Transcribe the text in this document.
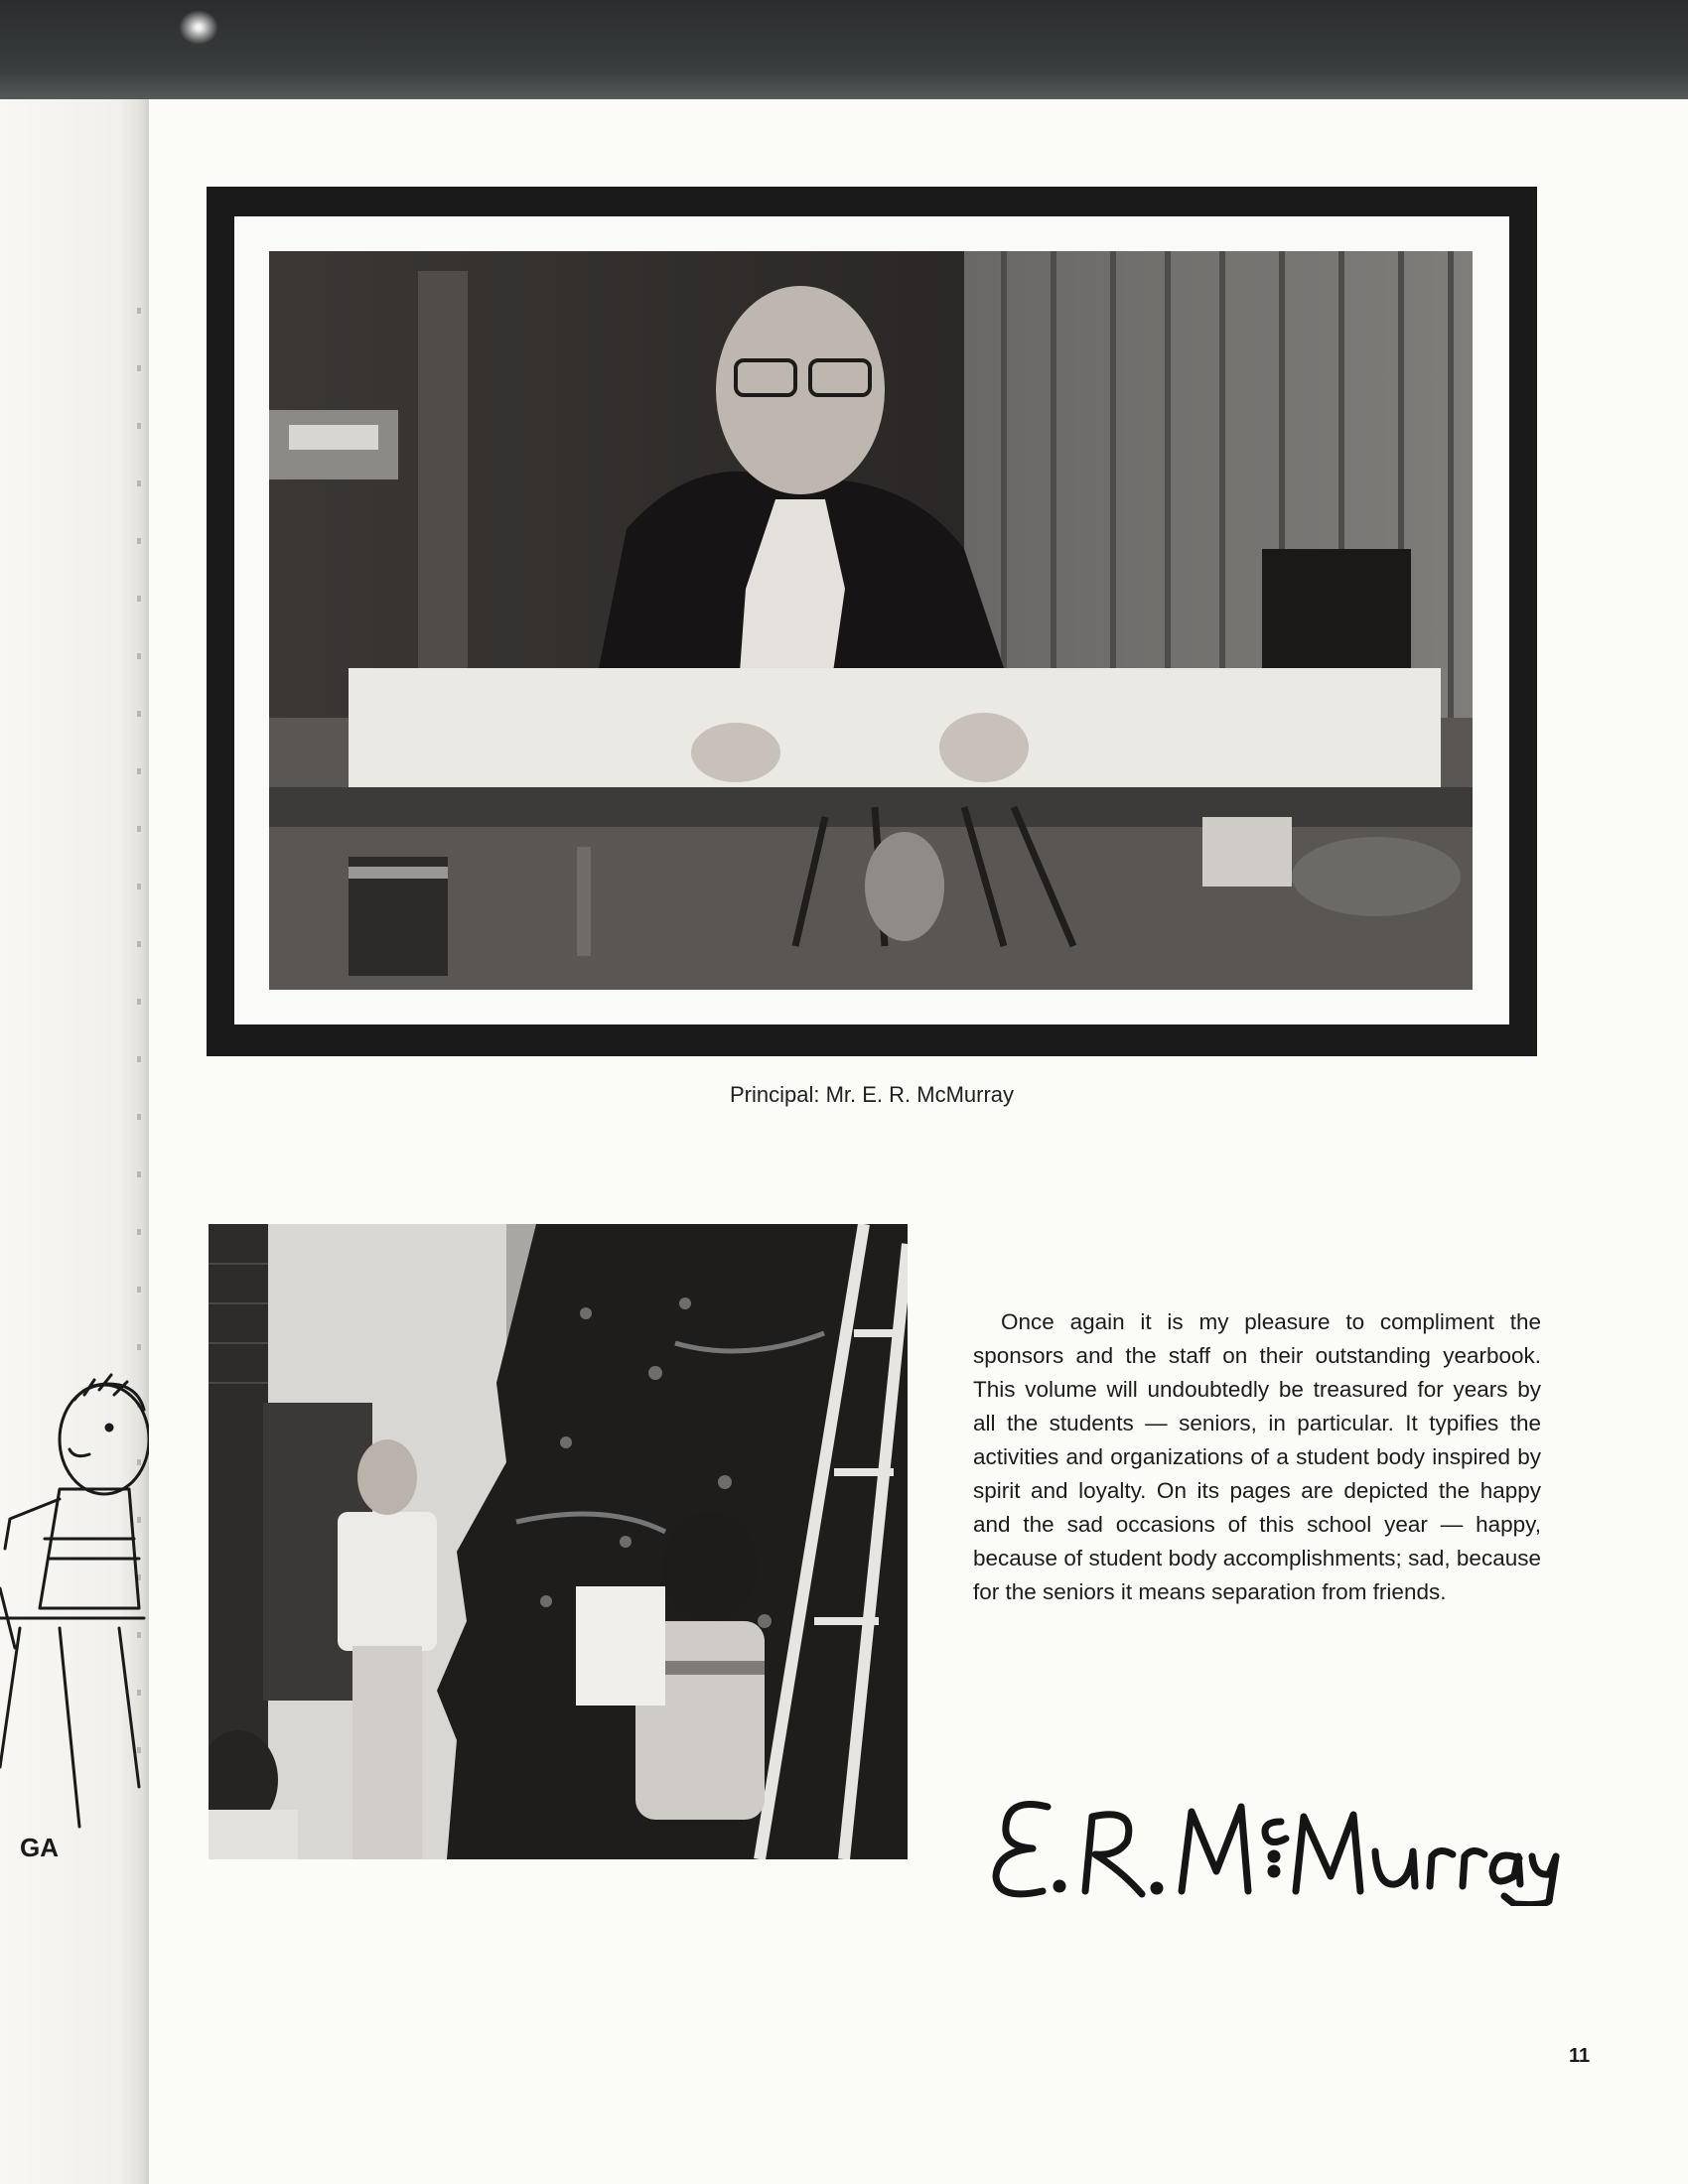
Principal: Mr. E. R. McMurray

Once again it is my pleasure to compliment the sponsors and the staff on their outstanding yearbook. This volume will undoubtedly be treasured for years by all the students — seniors, in particular. It typifies the activities and organizations of a student body inspired by spirit and loyalty. On its pages are depicted the happy and the sad occasions of this school year — happy, because of student body accomplishments; sad, because for the seniors it means separation from friends.

GA
11
